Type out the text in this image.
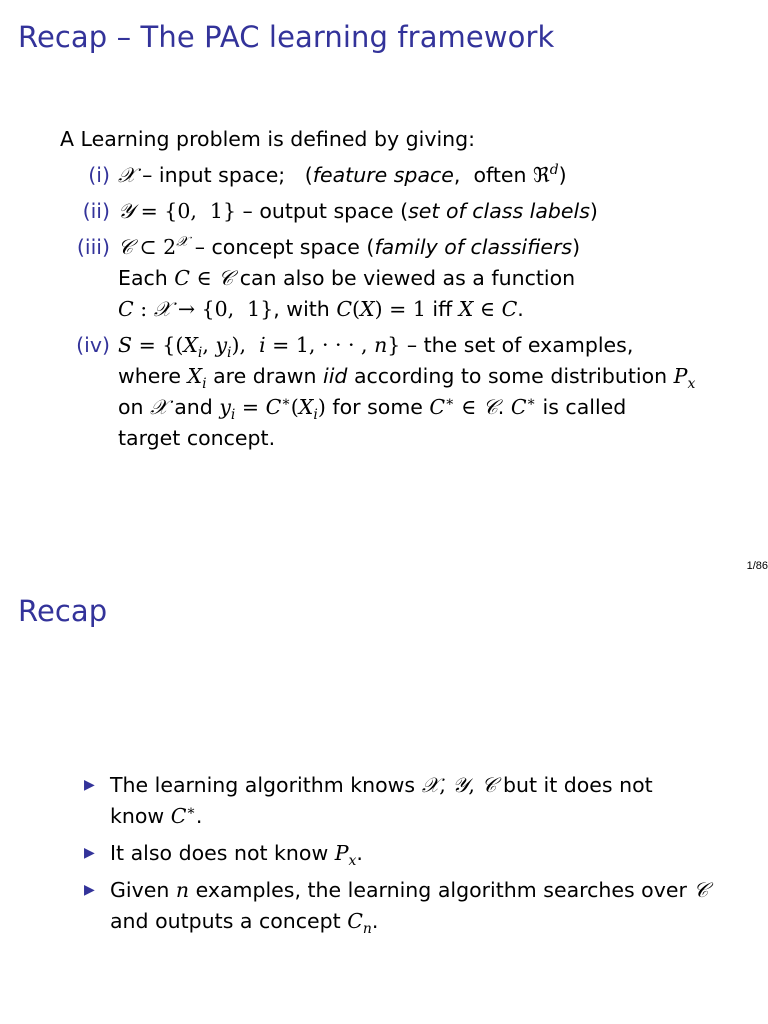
Recap – The PAC learning framework

A Learning problem is defined by giving:

(i) 𝒳 – input space;   (feature space,  often ℜ$^d$)
(ii) 𝒴 = {0,  1} – output space (set of class labels)
(iii) 𝒞 ⊂ $2^𝒳$ – concept space (family of classifiers)
Each C ∈ 𝒞 can also be viewed as a function
C : 𝒳 → {0,  1}, with C(X) = 1 iff X ∈ C.
(iv) $S = \{(X_i$, $y_i$), i = 1, · · · , n} – the set of examples,
where $X_i$ are drawn iid according to some distribution $P_x$
on 𝒳 and $y_i = C^∗(X_i)$ for some C∗ ∈ 𝒞. C∗ is called
target concept.
1/86
Recap
▶ The learning algorithm knows 𝒳, 𝒴, 𝒞 but it does not
know C∗.
▶ It also does not know $P_x$.
▶ Given n examples, the learning algorithm searches over 𝒞
and outputs a concept $C_n$.
